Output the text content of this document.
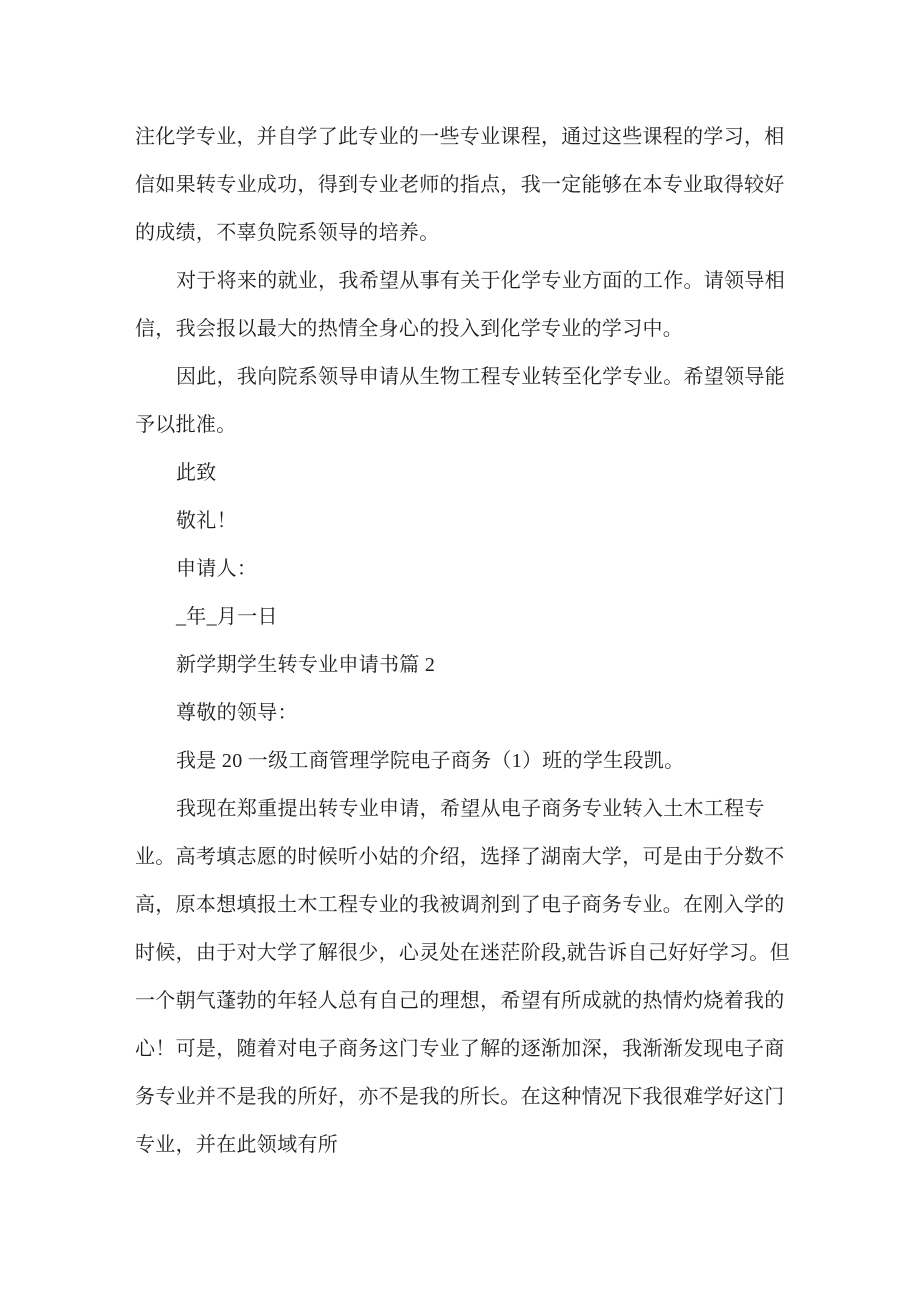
注化学专业，并自学了此专业的一些专业课程，通过这些课程的学习，相
信如果转专业成功，得到专业老师的指点，我一定能够在本专业取得较好
的成绩，不辜负院系领导的培养。
对于将来的就业，我希望从事有关于化学专业方面的工作。请领导相
信，我会报以最大的热情全身心的投入到化学专业的学习中。
因此，我向院系领导申请从生物工程专业转至化学专业。希望领导能
予以批准。
此致
敬礼！
申请人：
_年_月一日
新学期学生转专业申请书篇 2
尊敬的领导：
我是 20 一级工商管理学院电子商务（1）班的学生段凯。
我现在郑重提出转专业申请，希望从电子商务专业转入土木工程专
业。高考填志愿的时候听小姑的介绍，选择了湖南大学，可是由于分数不
高，原本想填报土木工程专业的我被调剂到了电子商务专业。在刚入学的
时候，由于对大学了解很少，心灵处在迷茫阶段,就告诉自己好好学习。但
一个朝气蓬勃的年轻人总有自己的理想，希望有所成就的热情灼烧着我的
心！可是，随着对电子商务这门专业了解的逐渐加深，我渐渐发现电子商
务专业并不是我的所好，亦不是我的所长。在这种情况下我很难学好这门
专业，并在此领域有所
